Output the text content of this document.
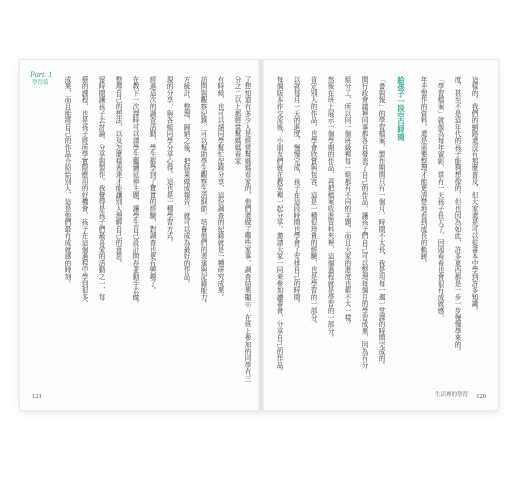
Part. 1
學習篇	了想知道有多少人是經常幫媽媽看家的，他們還做了哪些家事、調查結果顯示：在班上參加的同學有三分之二以上都經常幫媽媽看家
有時候，也可以請同學幫忙記錄分享，這份調查的紀錄就是一種研究成果。
訪問與觀察紀錄，可以幫助學生觀察生活細節，培養他們的表達與記錄能力。
方統計，整理、歸納之後，把結果做成報告，就可以成為最好的作品。
現的分享，與各組同學分享心得，這也是一種學習方式。
經過這次的調查活動，學生都學到了寶貴的經驗，對調查也更有興趣了。
在教下一次課時可以請學生繼續延伸主題，讓學生自己設計問卷並動手去做。
整理自己的想法，以及怎麼樣表達才能讓別人理解自己的意思。
留時間讓孩子去討論、分享與製作。我覺得是孩子們最喜愛的活動之一，每
藝的課程，也是孩子將所學實際應用的好機會，孩子在這個過程中學到很多。
成果，而且能將自己的作品介紹給別人，這是他們最有成就感的時刻。
121
這樣的，我們的網路還沒有那麼普及，但大家還是可以從書本中學到許多知識。
度，甚至不是這年代的孩子能夠想像的，但也因為如此，許多東西都是一步一步慢慢學來的。
「學習檔案」就像為每年留影，當有一天孩子長大了，回頭看看也會很有成就感。
年手製作的資料，還是需要整理才能更清楚地看到成長的軌跡。
給孩子一段空白時間
「書與報」的學習檔案，製作期間只有一個月，時間不太長，我是用每一週一堂課的時間完成的。
間行政會議裡同事都各自發表了自己的作品，讓孩子們自己可以整理每個月的學習成果，因為有分
組分工，所以同一個班級裡每一組都有不同的主題，而且大家的進度也都不太一樣。
然後在班上展示一個學期的作品，再把檔案收進資料夾裡，這個過程就是學習的一部分。
肯定別人的作品，也學會欣賞與包容，這是一種很珍貴的經驗，也是學習的一部分。
以就每月一天的進度，慢慢完成，孩子在這段時間也學會了安排自己的時間。
每個版本作交流後，小朋友們就在教室裡一起分享，邀請大家一同來參加讀書會，分享自己的作品。
生活裡的學習 120
